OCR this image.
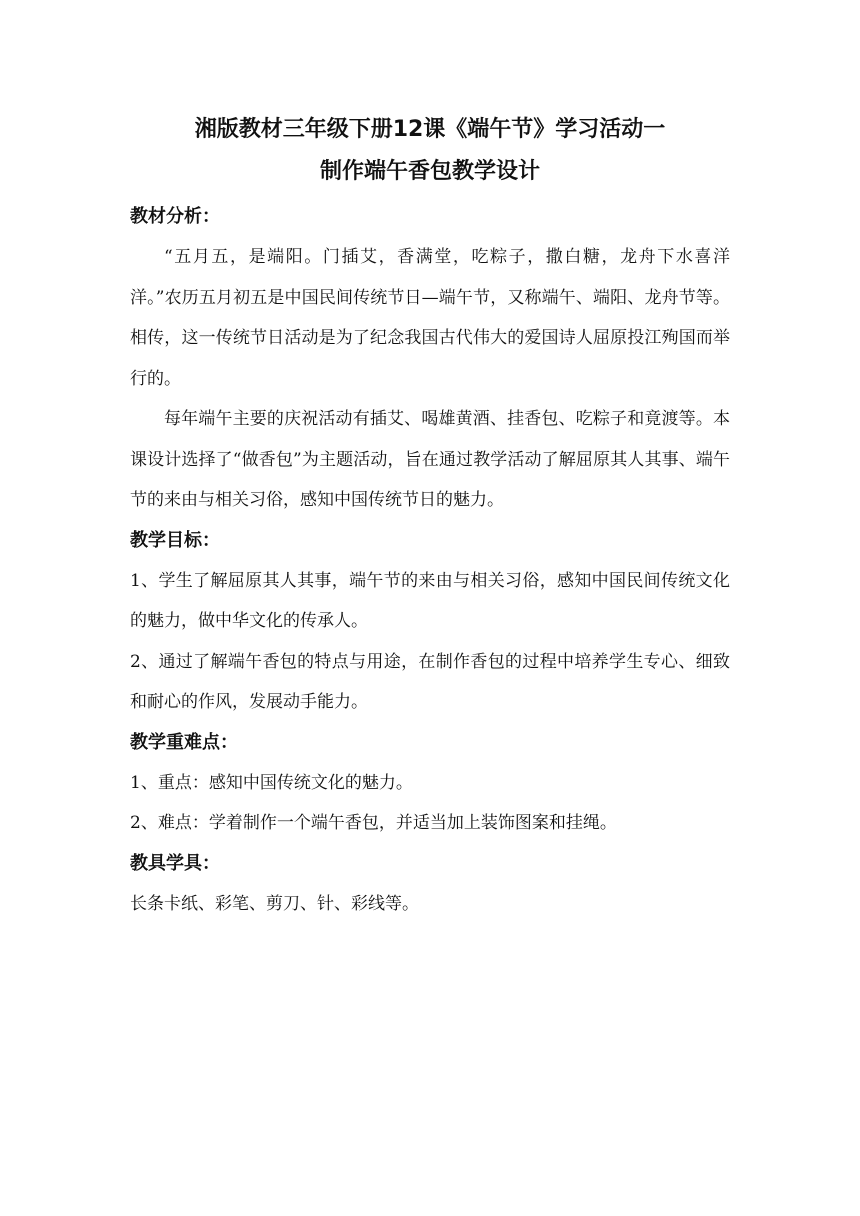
湘版教材三年级下册12课《端午节》学习活动一
制作端午香包教学设计

教材分析：

“五月五，是端阳。门插艾，香满堂，吃粽子，撒白糖，龙舟下水喜洋洋。”农历五月初五是中国民间传统节日—端午节，又称端午、端阳、龙舟节等。相传，这一传统节日活动是为了纪念我国古代伟大的爱国诗人屈原投江殉国而举行的。

每年端午主要的庆祝活动有插艾、喝雄黄酒、挂香包、吃粽子和竟渡等。本课设计选择了“做香包”为主题活动，旨在通过教学活动了解屈原其人其事、端午节的来由与相关习俗，感知中国传统节日的魅力。

教学目标：

1、学生了解屈原其人其事，端午节的来由与相关习俗，感知中国民间传统文化的魅力，做中华文化的传承人。

2、通过了解端午香包的特点与用途，在制作香包的过程中培养学生专心、细致和耐心的作风，发展动手能力。

教学重难点：

1、重点：感知中国传统文化的魅力。

2、难点：学着制作一个端午香包，并适当加上装饰图案和挂绳。

教具学具：

长条卡纸、彩笔、剪刀、针、彩线等。
